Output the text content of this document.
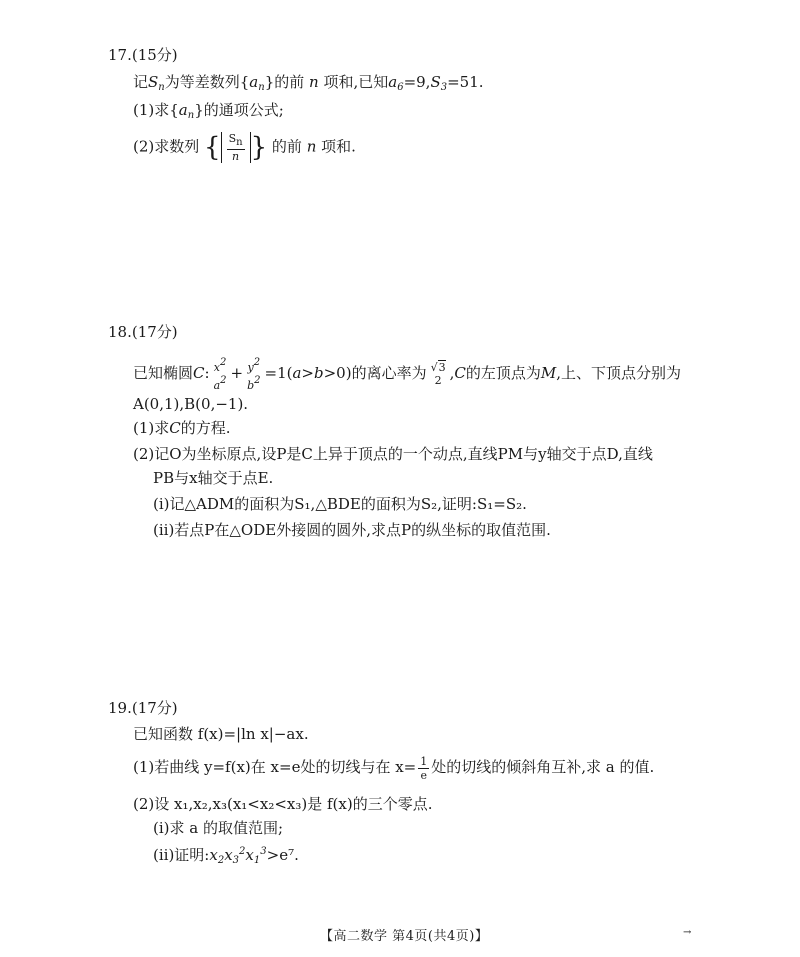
17.(15分)
记$S_n$为等差数列$\{a_n\}$的前 n 项和,已知$a_6=9,S_3=51$.
(1)求$\{a_n\}$的通项公式;
(2)求数列 { $\frac{Sn}{n}$ } 的前 n 项和.
18.(17分)
已知椭圆C: x2
a2 + y2
b2 =1(a>b>0)的离心率为 √3
2 ,C的左顶点为M,上、下顶点分别为
A(0,1),B(0,−1).
(1)求C的方程.
(2)记O为坐标原点,设P是C上异于顶点的一个动点,直线PM与y轴交于点D,直线
PB与x轴交于点E.
(ⅰ)记△ADM的面积为S₁,△BDE的面积为S₂,证明:S₁=S₂.
(ⅱ)若点P在△ODE外接圆的圆外,求点P的纵坐标的取值范围.
19.(17分)
已知函数 f(x)=|ln x|−ax.
(1)若曲线 y=f(x)在 x=e处的切线与在 $x= \frac{1}{e}$ 处的切线的倾斜角互补,求 a 的值.
(2)设 x₁,x₂,x₃(x₁<x₂<x₃)是 f(x)的三个零点.
(ⅰ)求 a 的取值范围;
(ⅱ)证明$:x_2x_3^2x_1^3>e^7$.
【高二数学 第4页(共4页)】	→
